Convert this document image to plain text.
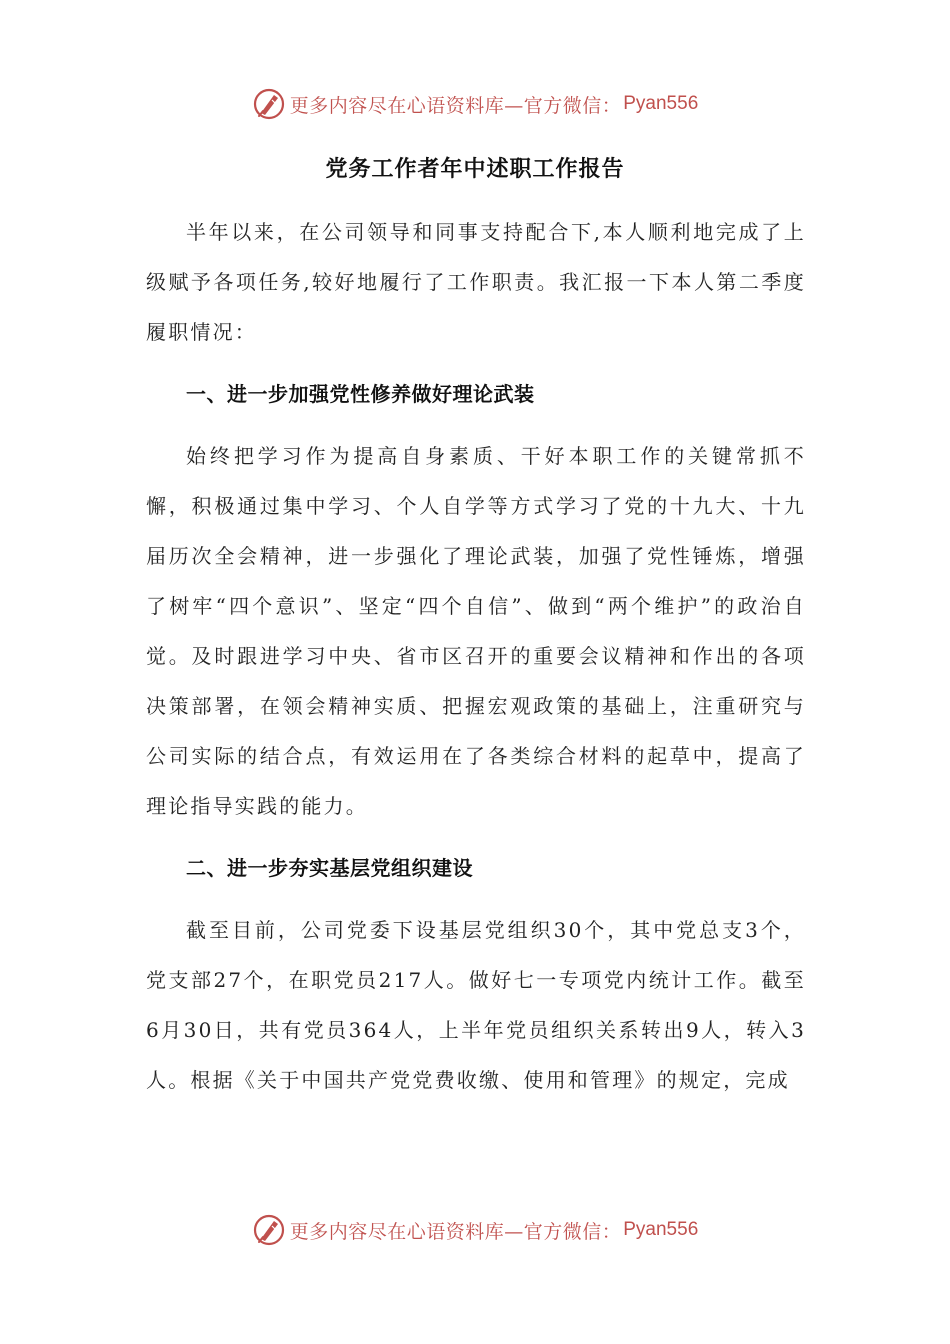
更多内容尽在心语资料库—官方微信： Pyan556
党务工作者年中述职工作报告

半年以来，在公司领导和同事支持配合下,本人顺利地完成了上级赋予各项任务,较好地履行了工作职责。我汇报一下本人第二季度履职情况：

一、进一步加强党性修养做好理论武装

始终把学习作为提高自身素质、干好本职工作的关键常抓不懈，积极通过集中学习、个人自学等方式学习了党的十九大、十九届历次全会精神，进一步强化了理论武装，加强了党性锤炼，增强了树牢“四个意识”、坚定“四个自信”、做到“两个维护”的政治自觉。及时跟进学习中央、省市区召开的重要会议精神和作出的各项决策部署，在领会精神实质、把握宏观政策的基础上，注重研究与公司实际的结合点，有效运用在了各类综合材料的起草中，提高了理论指导实践的能力。

二、进一步夯实基层党组织建设

截至目前，公司党委下设基层党组织30个，其中党总支3个，党支部27个，在职党员217人。做好七一专项党内统计工作。截至6月30日，共有党员364人，上半年党员组织关系转出9人，转入3人。根据《关于中国共产党党费收缴、使用和管理》的规定，完成

更多内容尽在心语资料库—官方微信： Pyan556
